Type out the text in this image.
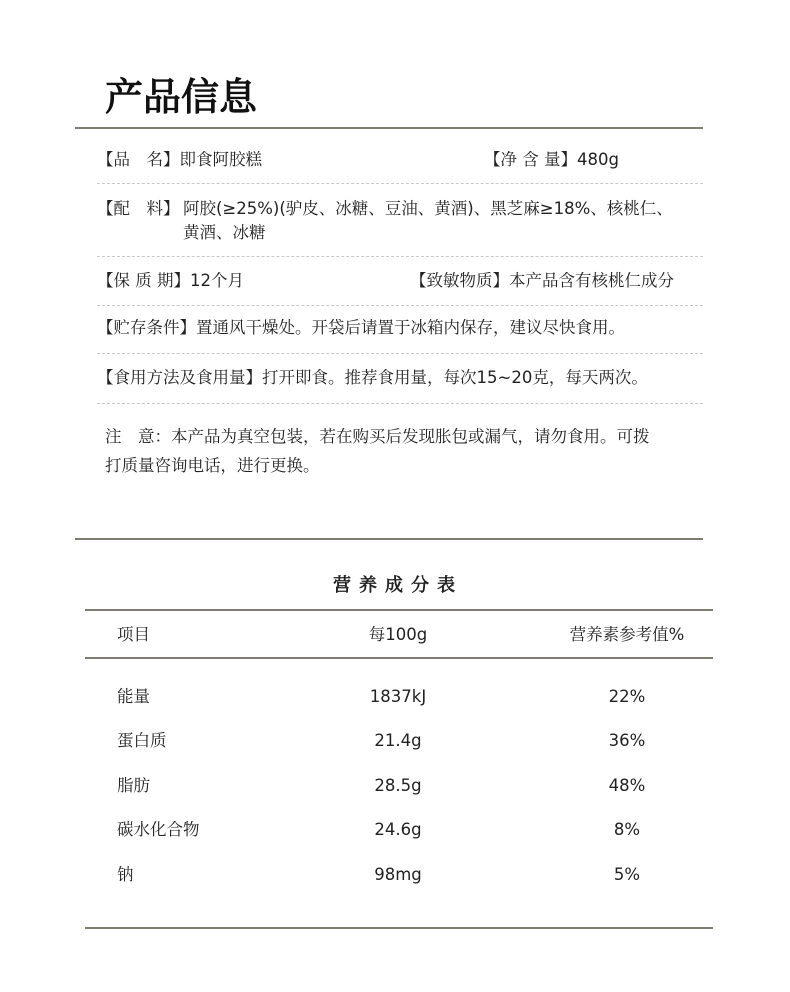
产品信息
【品　名】即食阿胶糕	【净 含 量】480g
【配　料】 阿胶(≥25%)(驴皮、冰糖、豆油、黄酒)、黑芝麻≥18%、核桃仁、
黄酒、冰糖
【保 质 期】12个月	【致敏物质】本产品含有核桃仁成分
【贮存条件】置通风干燥处。开袋后请置于冰箱内保存，建议尽快食用。
【食用方法及食用量】打开即食。推荐食用量，每次15~20克，每天两次。
注　意：本产品为真空包装，若在购买后发现胀包或漏气，请勿食用。可拨
打质量咨询电话，进行更换。
营养成分表
项目	每100g	营养素参考值%
能量	1837kJ	22%
蛋白质	21.4g	36%
脂肪	28.5g	48%
碳水化合物	24.6g	8%
钠	98mg	5%
